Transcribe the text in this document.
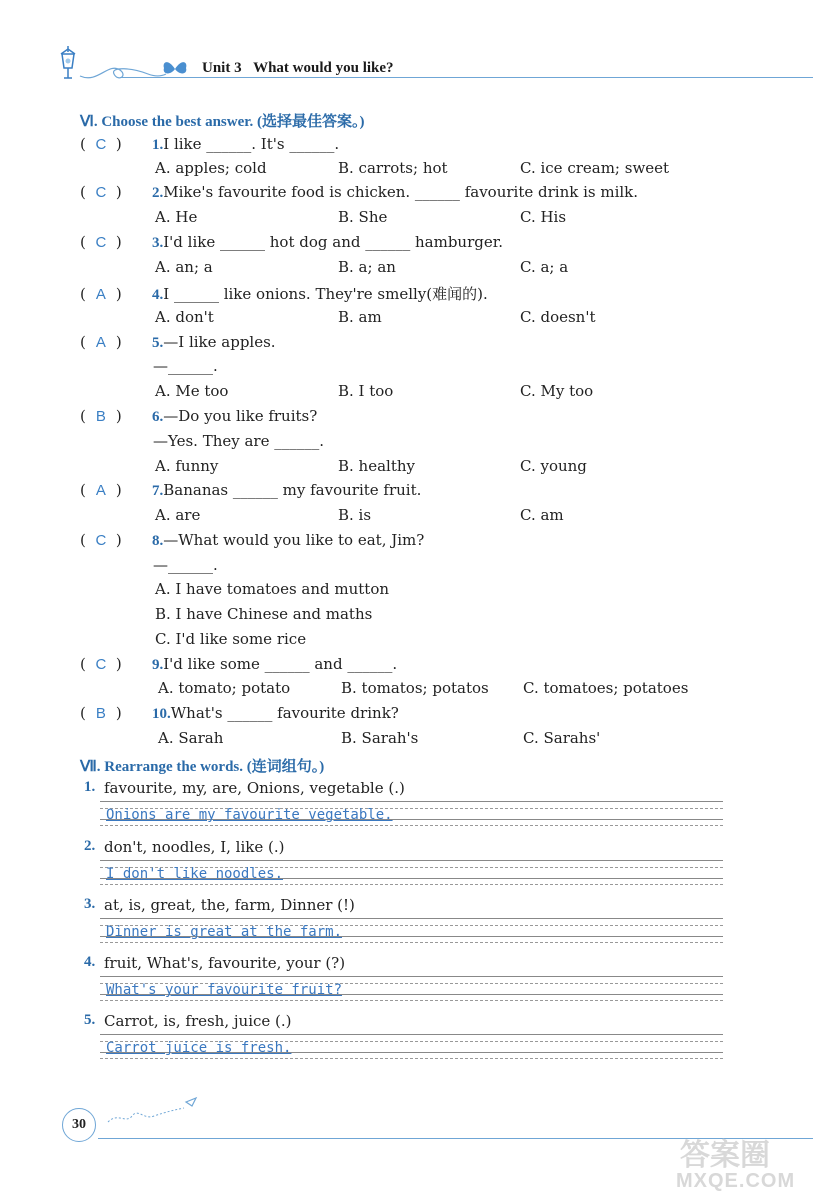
Unit 3 What would you like?
Ⅵ. Choose the best answer. (选择最佳答案。)
( C ) 1.I like ______. It's ______.
A. apples; cold	B. carrots; hot	C. ice cream; sweet
( C ) 2.Mike's favourite food is chicken. ______ favourite drink is milk.
A. He	B. She	C. His
( C ) 3.I'd like ______ hot dog and ______ hamburger.
A. an; a	B. a; an	C. a; a
( A ) 4.I ______ like onions. They're smelly(难闻的).
A. don't	B. am	C. doesn't
( A ) 5.—I like apples.
—______.
A. Me too	B. I too	C. My too
( B ) 6.—Do you like fruits?
—Yes. They are ______.
A. funny	B. healthy	C. young
( A ) 7.Bananas ______ my favourite fruit.
A. are	B. is	C. am
( C ) 8.—What would you like to eat, Jim?
—______.
A. I have tomatoes and mutton
B. I have Chinese and maths
C. I'd like some rice
( C ) 9.I'd like some ______ and ______.
A. tomato; potato	B. tomatos; potatos C. tomatoes; potatoes
( B ) 10.What's ______ favourite drink?
A. Sarah	B. Sarah's	C. Sarahs'
Ⅶ. Rearrange the words. (连词组句。)
1. favourite, my, are, Onions, vegetable (.)
Onions are my favourite vegetable.
2. don't, noodles, I, like (.)
I don't like noodles.
3. at, is, great, the, farm, Dinner (!)
Dinner is great at the farm.
4. fruit, What's, favourite, your (?)
What's your favourite fruit?
5. Carrot, is, fresh, juice (.)
Carrot juice is fresh.
30
答案圈
MXQE.COM
